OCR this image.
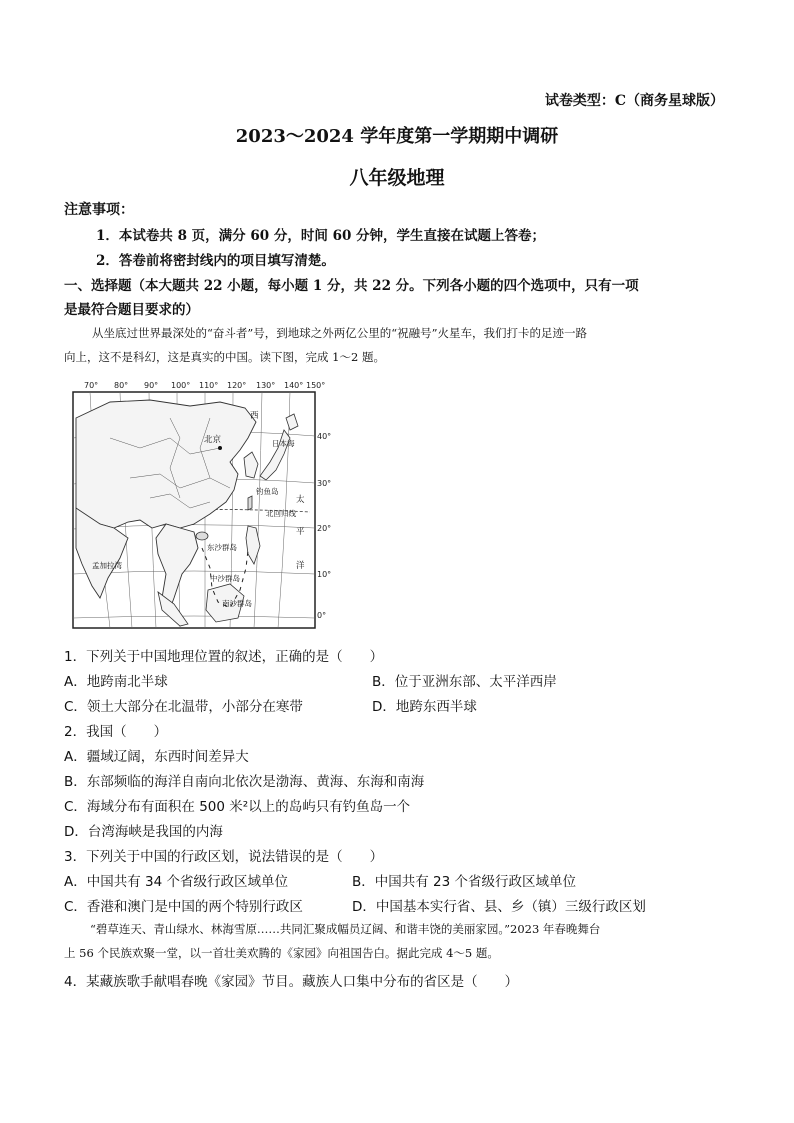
试卷类型：C（商务星球版）
2023～2024 学年度第一学期期中调研
八年级地理
注意事项：
1．本试卷共 8 页，满分 60 分，时间 60 分钟，学生直接在试题上答卷；
2．答卷前将密封线内的项目填写清楚。
一、选择题（本大题共 22 小题，每小题 1 分，共 22 分。下列各小题的四个选项中，只有一项
是最符合题目要求的）
从坐底过世界最深处的“奋斗者”号，到地球之外两亿公里的“祝融号”火星车，我们打卡的足迹一路
向上，这不是科幻，这是真实的中国。读下图，完成 1～2 题。
70° 80° 90° 100° 110° 120° 130° 140° 150°
40°
30°
20°
10°
0°
北京	日本海
西
太
平
洋
钓鱼岛
北回归线
东沙群岛
中沙群岛
南沙群岛
孟加拉湾
1．下列关于中国地理位置的叙述，正确的是（　　）
A．地跨南北半球	B．位于亚洲东部、太平洋西岸
C．领土大部分在北温带，小部分在寒带	D．地跨东西半球
2．我国（　　）
A．疆域辽阔，东西时间差异大
B．东部频临的海洋自南向北依次是渤海、黄海、东海和南海
C．海域分布有面积在 500 米²以上的岛屿只有钓鱼岛一个
D．台湾海峡是我国的内海
3．下列关于中国的行政区划，说法错误的是（　　）
A．中国共有 34 个省级行政区域单位	B．中国共有 23 个省级行政区域单位
C．香港和澳门是中国的两个特别行政区	D．中国基本实行省、县、乡（镇）三级行政区划
“碧草连天、青山绿水、林海雪原……共同汇聚成幅员辽阔、和谐丰饶的美丽家园。”2023 年春晚舞台
上 56 个民族欢聚一堂，以一首壮美欢腾的《家园》向祖国告白。据此完成 4～5 题。
4．某藏族歌手献唱春晚《家园》节目。藏族人口集中分布的省区是（　　）
